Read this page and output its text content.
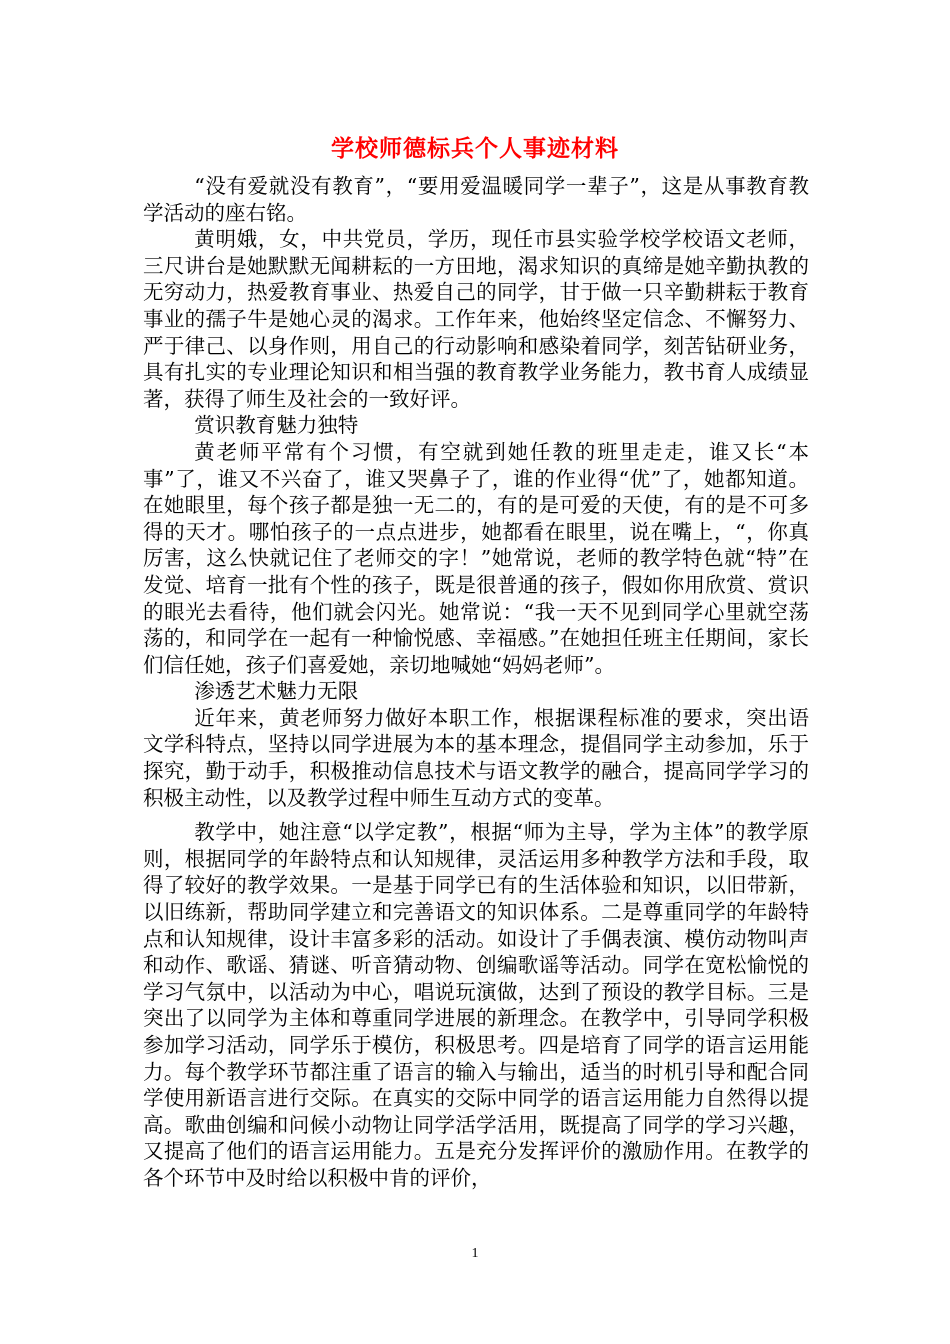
学校师德标兵个人事迹材料

“没有爱就没有教育”，“要用爱温暖同学一辈子”，这是从事教育教学活动的座右铭。

黄明娥，女，中共党员，学历，现任市县实验学校学校语文老师，三尺讲台是她默默无闻耕耘的一方田地，渴求知识的真缔是她辛勤执教的无穷动力，热爱教育事业、热爱自己的同学，甘于做一只辛勤耕耘于教育事业的孺子牛是她心灵的渴求。工作年来，他始终坚定信念、不懈努力、严于律己、以身作则，用自己的行动影响和感染着同学，刻苦钻研业务，具有扎实的专业理论知识和相当强的教育教学业务能力，教书育人成绩显著，获得了师生及社会的一致好评。

赏识教育魅力独特

黄老师平常有个习惯，有空就到她任教的班里走走，谁又长“本事”了，谁又不兴奋了，谁又哭鼻子了，谁的作业得“优”了，她都知道。在她眼里，每个孩子都是独一无二的，有的是可爱的天使，有的是不可多得的天才。哪怕孩子的一点点进步，她都看在眼里，说在嘴上，“，你真厉害，这么快就记住了老师交的字！”她常说，老师的教学特色就“特”在发觉、培育一批有个性的孩子，既是很普通的孩子，假如你用欣赏、赏识的眼光去看待，他们就会闪光。她常说：“我一天不见到同学心里就空荡荡的，和同学在一起有一种愉悦感、幸福感。”在她担任班主任期间，家长们信任她，孩子们喜爱她，亲切地喊她“妈妈老师”。

渗透艺术魅力无限

近年来，黄老师努力做好本职工作，根据课程标准的要求，突出语文学科特点，坚持以同学进展为本的基本理念，提倡同学主动参加，乐于探究，勤于动手，积极推动信息技术与语文教学的融合，提高同学学习的积极主动性，以及教学过程中师生互动方式的变革。

教学中，她注意“以学定教”，根据“师为主导，学为主体”的教学原则，根据同学的年龄特点和认知规律，灵活运用多种教学方法和手段，取得了较好的教学效果。一是基于同学已有的生活体验和知识，以旧带新，以旧练新，帮助同学建立和完善语文的知识体系。二是尊重同学的年龄特点和认知规律，设计丰富多彩的活动。如设计了手偶表演、模仿动物叫声和动作、歌谣、猜谜、听音猜动物、创编歌谣等活动。同学在宽松愉悦的学习气氛中，以活动为中心，唱说玩演做，达到了预设的教学目标。三是突出了以同学为主体和尊重同学进展的新理念。在教学中，引导同学积极参加学习活动，同学乐于模仿，积极思考。四是培育了同学的语言运用能力。每个教学环节都注重了语言的输入与输出，适当的时机引导和配合同学使用新语言进行交际。在真实的交际中同学的语言运用能力自然得以提高。歌曲创编和问候小动物让同学活学活用，既提高了同学的学习兴趣，又提高了他们的语言运用能力。五是充分发挥评价的激励作用。在教学的各个环节中及时给以积极中肯的评价，

1
